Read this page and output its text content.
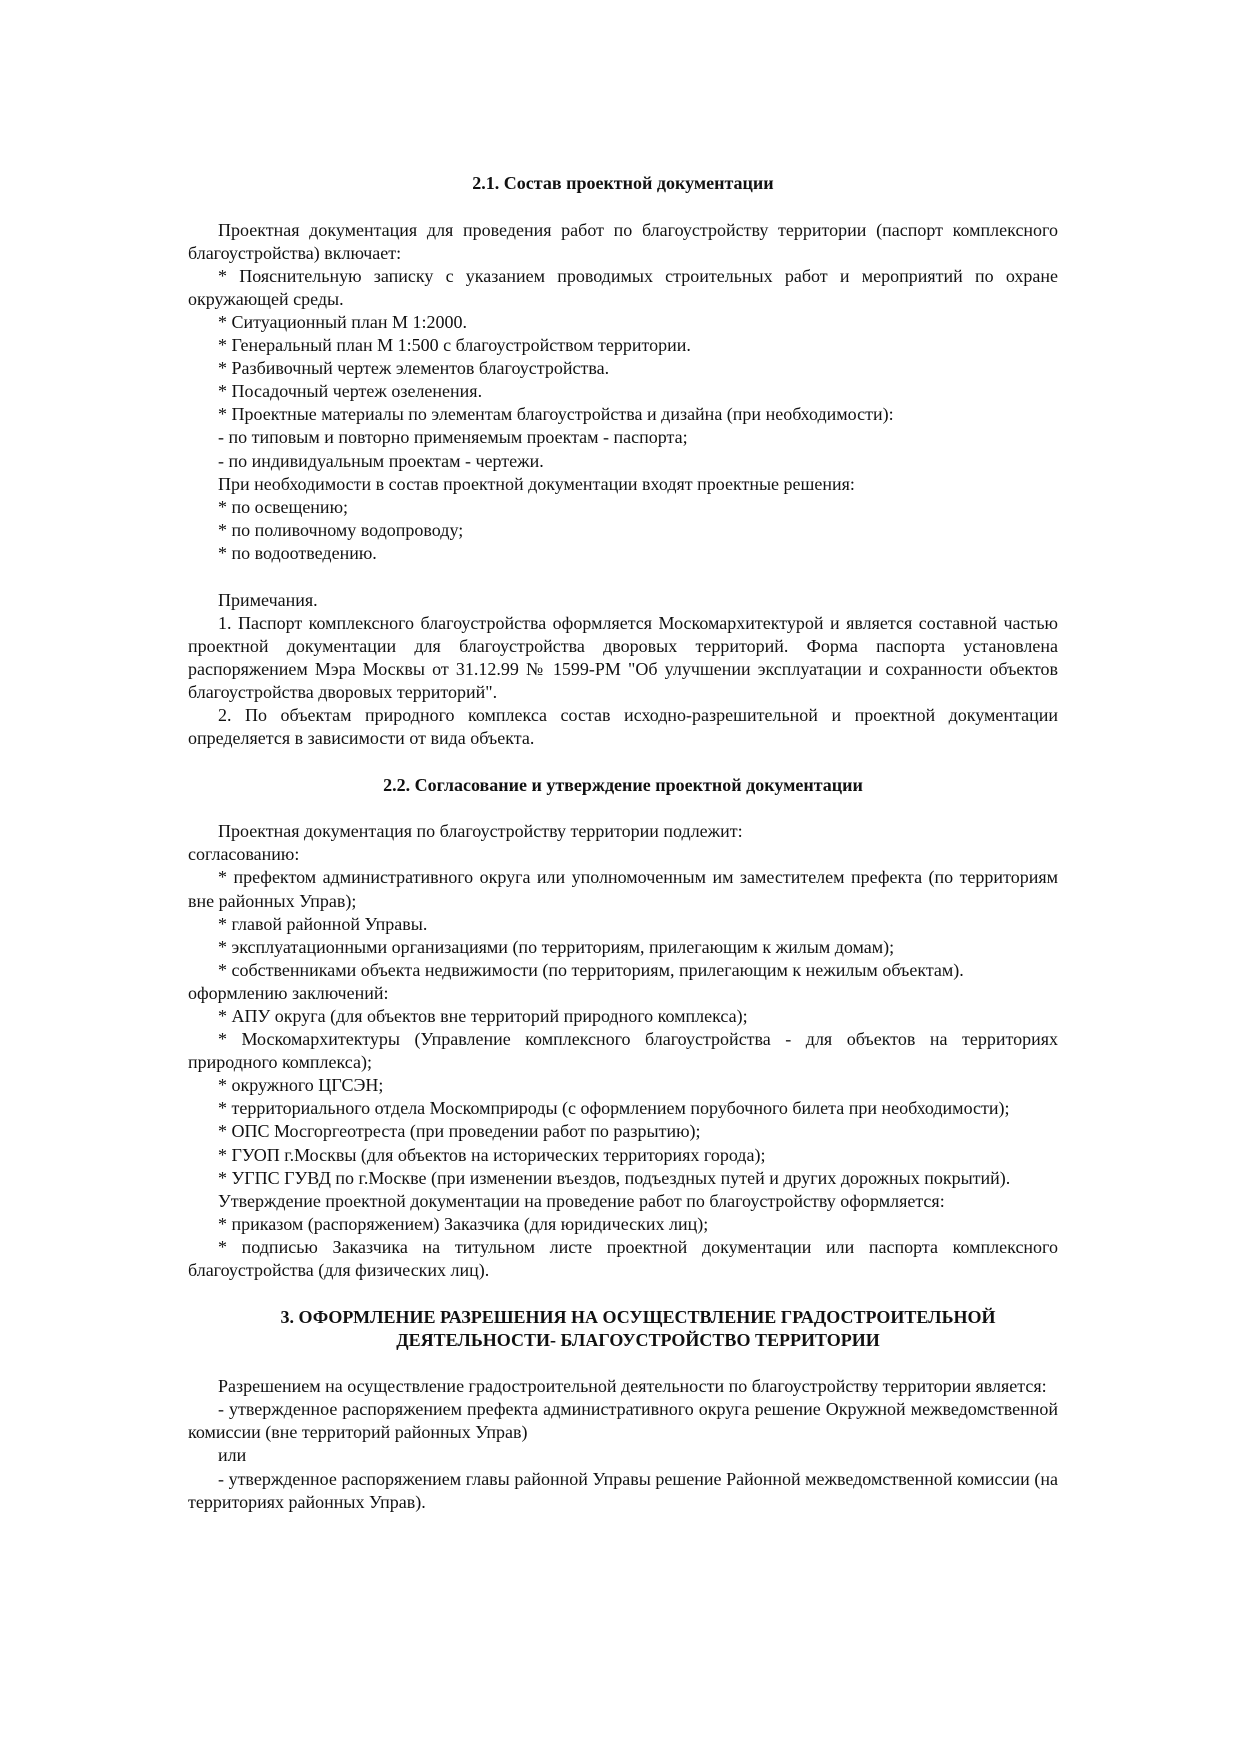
2.1. Состав проектной документации

Проектная документация для проведения работ по благоустройству территории (паспорт комплексного благоустройства) включает:

* Пояснительную записку с указанием проводимых строительных работ и мероприятий по охране окружающей среды.

* Ситуационный план М 1:2000.

* Генеральный план М 1:500 с благоустройством территории.

* Разбивочный чертеж элементов благоустройства.

* Посадочный чертеж озеленения.

* Проектные материалы по элементам благоустройства и дизайна (при необходимости):

- по типовым и повторно применяемым проектам - паспорта;

- по индивидуальным проектам - чертежи.

При необходимости в состав проектной документации входят проектные решения:

* по освещению;

* по поливочному водопроводу;

* по водоотведению.

Примечания.

1. Паспорт комплексного благоустройства оформляется Москомархитектурой и является составной частью проектной документации для благоустройства дворовых территорий. Форма паспорта установлена распоряжением Мэра Москвы от 31.12.99 № 1599-РМ "Об улучшении эксплуатации и сохранности объектов благоустройства дворовых территорий".

2. По объектам природного комплекса состав исходно-разрешительной и проектной документации определяется в зависимости от вида объекта.

2.2. Согласование и утверждение проектной документации

Проектная документация по благоустройству территории подлежит:

согласованию:

* префектом административного округа или уполномоченным им заместителем префекта (по территориям вне районных Управ);

* главой районной Управы.

* эксплуатационными организациями (по территориям, прилегающим к жилым домам);

* собственниками объекта недвижимости (по территориям, прилегающим к нежилым объектам).

оформлению заключений:

* АПУ округа (для объектов вне территорий природного комплекса);

* Москомархитектуры (Управление комплексного благоустройства - для объектов на территориях природного комплекса);

* окружного ЦГСЭН;

* территориального отдела Москомприроды (с оформлением порубочного билета при необходимости);

* ОПС Мосгоргеотреста (при проведении работ по разрытию);

* ГУОП г.Москвы (для объектов на исторических территориях города);

* УГПС ГУВД по г.Москве (при изменении въездов, подъездных путей и других дорожных покрытий).

Утверждение проектной документации на проведение работ по благоустройству оформляется:

* приказом (распоряжением) Заказчика (для юридических лиц);

* подписью Заказчика на титульном листе проектной документации или паспорта комплексного благоустройства (для физических лиц).

3. ОФОРМЛЕНИЕ РАЗРЕШЕНИЯ НА ОСУЩЕСТВЛЕНИЕ ГРАДОСТРОИТЕЛЬНОЙ ДЕЯТЕЛЬНОСТИ- БЛАГОУСТРОЙСТВО ТЕРРИТОРИИ

Разрешением на осуществление градостроительной деятельности по благоустройству территории является:

- утвержденное распоряжением префекта административного округа решение Окружной межведомственной комиссии (вне территорий районных Управ)

или

- утвержденное распоряжением главы районной Управы решение Районной межведомственной комиссии (на территориях районных Управ).
